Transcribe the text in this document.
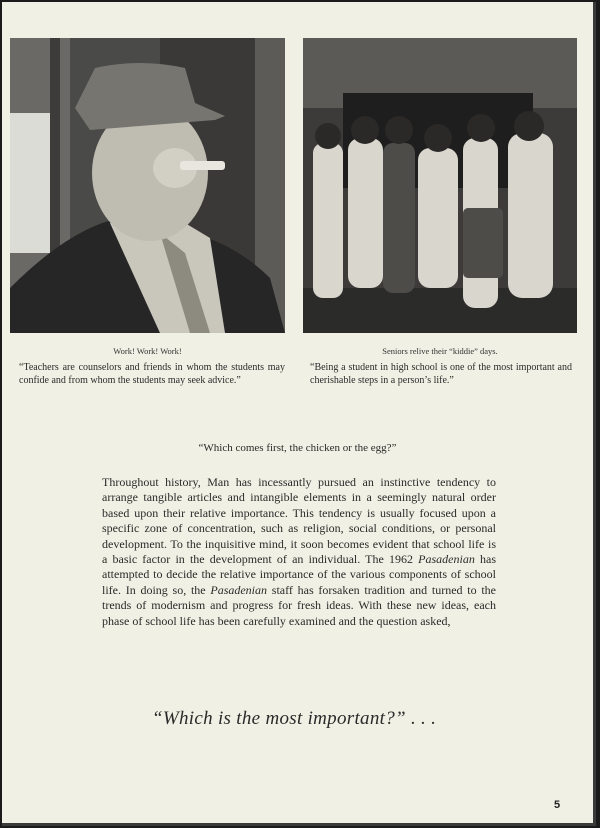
Work! Work! Work!	Seniors relive their “kiddie” days.
“Teachers are counselors and friends in whom the students may confide and from whom the students may seek advice.”
“Being a student in high school is one of the most important and cherishable steps in a person’s life.”
“Which comes first, the chicken or the egg?”

Throughout history, Man has incessantly pursued an instinctive tendency to arrange tangible articles and intangible elements in a seemingly natural order based upon their relative importance. This tendency is usually focused upon a specific zone of concentration, such as religion, social conditions, or personal development. To the inquisitive mind, it soon becomes evident that school life is a basic factor in the development of an individual. The 1962 Pasadenian has attempted to decide the relative importance of the various components of school life. In doing so, the Pasadenian staff has forsaken tradition and turned to the trends of modernism and progress for fresh ideas. With these new ideas, each phase of school life has been carefully examined and the question asked,

“Which is the most important?” . . .
5
